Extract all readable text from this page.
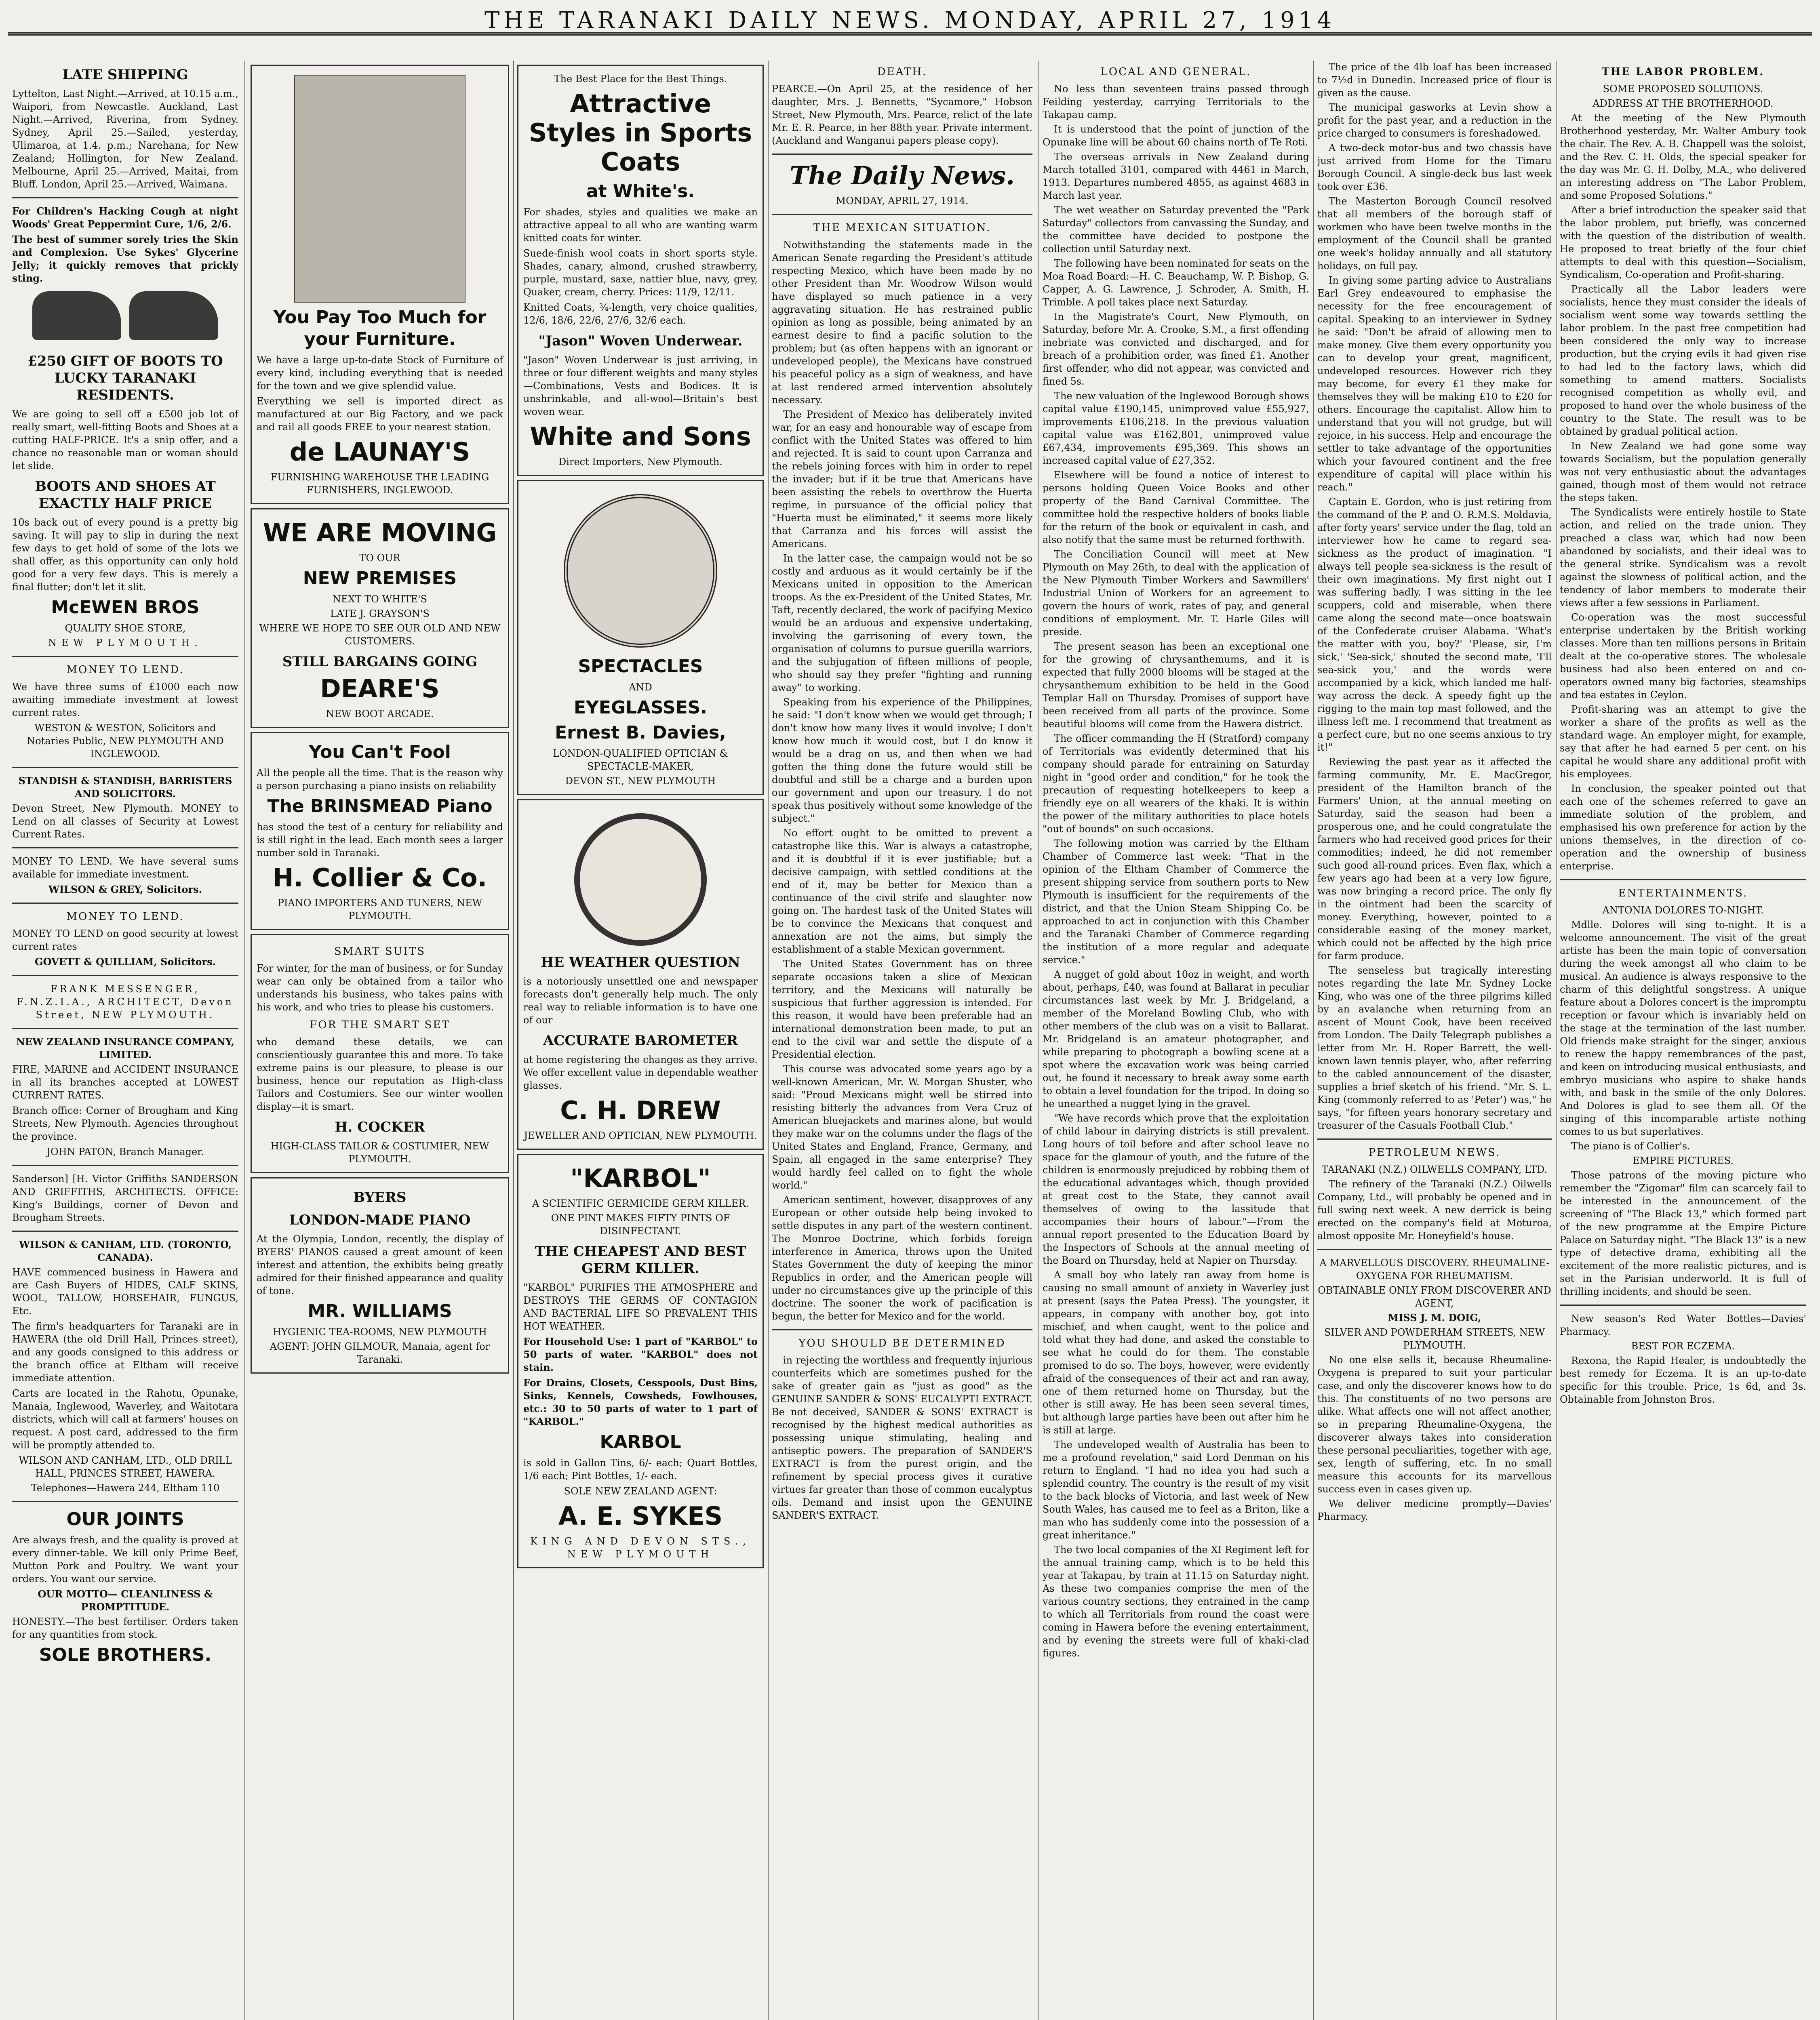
THE TARANAKI DAILY NEWS. MONDAY, APRIL 27, 1914
LATE SHIPPING

Lyttelton, Last Night.—Arrived, at 10.15 a.m., Waipori, from Newcastle. Auckland, Last Night.—Arrived, Riverina, from Sydney. Sydney, April 25.—Sailed, yesterday, Ulimaroa, at 1.4. p.m.; Narehana, for New Zealand; Hollington, for New Zealand. Melbourne, April 25.—Arrived, Maitai, from Bluff. London, April 25.—Arrived, Waimana.

For Children's Hacking Cough at night Woods' Great Peppermint Cure, 1/6, 2/6.

The best of summer sorely tries the Skin and Complexion. Use Sykes' Glycerine Jelly; it quickly removes that prickly sting.

£250 GIFT OF BOOTS TO LUCKY TARANAKI RESIDENTS.

We are going to sell off a £500 job lot of really smart, well-fitting Boots and Shoes at a cutting HALF-PRICE. It's a snip offer, and a chance no reasonable man or woman should let slide.

BOOTS AND SHOES AT EXACTLY HALF PRICE

10s back out of every pound is a pretty big saving. It will pay to slip in during the next few days to get hold of some of the lots we shall offer, as this opportunity can only hold good for a very few days. This is merely a final flutter; don't let it slit.

McEWEN BROS
QUALITY SHOE STORE,
NEW PLYMOUTH.
MONEY TO LEND.

We have three sums of £1000 each now awaiting immediate investment at lowest current rates.

WESTON & WESTON, Solicitors and Notaries Public, NEW PLYMOUTH AND INGLEWOOD.
STANDISH & STANDISH, BARRISTERS AND SOLICITORS.

Devon Street, New Plymouth. MONEY to Lend on all classes of Security at Lowest Current Rates.

MONEY TO LEND. We have several sums available for immediate investment.

WILSON & GREY, Solicitors.
MONEY TO LEND.

MONEY TO LEND on good security at lowest current rates

GOVETT & QUILLIAM, Solicitors.
FRANK MESSENGER, F.N.Z.I.A., ARCHITECT, Devon Street, NEW PLYMOUTH.
NEW ZEALAND INSURANCE COMPANY, LIMITED.

FIRE, MARINE and ACCIDENT INSURANCE in all its branches accepted at LOWEST CURRENT RATES.

Branch office: Corner of Brougham and King Streets, New Plymouth. Agencies throughout the province.

JOHN PATON, Branch Manager.

Sanderson] [H. Victor Griffiths SANDERSON AND GRIFFITHS, ARCHITECTS. OFFICE: King's Buildings, corner of Devon and Brougham Streets.

WILSON & CANHAM, LTD. (TORONTO, CANADA).

HAVE commenced business in Hawera and are Cash Buyers of HIDES, CALF SKINS, WOOL, TALLOW, HORSEHAIR, FUNGUS, Etc.

The firm's headquarters for Taranaki are in HAWERA (the old Drill Hall, Princes street), and any goods consigned to this address or the branch office at Eltham will receive immediate attention.

Carts are located in the Rahotu, Opunake, Manaia, Inglewood, Waverley, and Waitotara districts, which will call at farmers' houses on request. A post card, addressed to the firm will be promptly attended to.

WILSON AND CANHAM, LTD., OLD DRILL HALL, PRINCES STREET, HAWERA.
Telephones—Hawera 244, Eltham 110
OUR JOINTS

Are always fresh, and the quality is proved at every dinner-table. We kill only Prime Beef, Mutton Pork and Poultry. We want your orders. You want our service.

OUR MOTTO— CLEANLINESS & PROMPTITUDE.

HONESTY.—The best fertiliser. Orders taken for any quantities from stock.

SOLE BROTHERS.
You Pay Too Much for your Furniture.

We have a large up-to-date Stock of Furniture of every kind, including everything that is needed for the town and we give splendid value.

Everything we sell is imported direct as manufactured at our Big Factory, and we pack and rail all goods FREE to your nearest station.

de LAUNAY'S
FURNISHING WAREHOUSE THE LEADING FURNISHERS, INGLEWOOD.
WE ARE MOVING
TO OUR
NEW PREMISES
NEXT TO WHITE'S
LATE J. GRAYSON'S
WHERE WE HOPE TO SEE OUR OLD AND NEW CUSTOMERS.
STILL BARGAINS GOING
DEARE'S
NEW BOOT ARCADE.
You Can't Fool

All the people all the time. That is the reason why a person purchasing a piano insists on reliability

The BRINSMEAD Piano

has stood the test of a century for reliability and is still right in the lead. Each month sees a larger number sold in Taranaki.

H. Collier & Co.
PIANO IMPORTERS AND TUNERS, NEW PLYMOUTH.
SMART SUITS

For winter, for the man of business, or for Sunday wear can only be obtained from a tailor who understands his business, who takes pains with his work, and who tries to please his customers.

FOR THE SMART SET

who demand these details, we can conscientiously guarantee this and more. To take extreme pains is our pleasure, to please is our business, hence our reputation as High-class Tailors and Costumiers. See our winter woollen display—it is smart.

H. COCKER
HIGH-CLASS TAILOR & COSTUMIER, NEW PLYMOUTH.
BYERS
LONDON-MADE PIANO

At the Olympia, London, recently, the display of BYERS' PIANOS caused a great amount of keen interest and attention, the exhibits being greatly admired for their finished appearance and quality of tone.

MR. WILLIAMS
HYGIENIC TEA-ROOMS, NEW PLYMOUTH
AGENT: JOHN GILMOUR, Manaia, agent for Taranaki.
The Best Place for the Best Things.
Attractive Styles in Sports Coats
at White's.

For shades, styles and qualities we make an attractive appeal to all who are wanting warm knitted coats for winter.

Suede-finish wool coats in short sports style. Shades, canary, almond, crushed strawberry, purple, mustard, saxe, nattier blue, navy, grey, Quaker, cream, cherry. Prices: 11/9, 12/11.

Knitted Coats, ¾-length, very choice qualities, 12/6, 18/6, 22/6, 27/6, 32/6 each.

"Jason" Woven Underwear.

"Jason" Woven Underwear is just arriving, in three or four different weights and many styles—Combinations, Vests and Bodices. It is unshrinkable, and all-wool—Britain's best woven wear.

White and Sons
Direct Importers, New Plymouth.
SPECTACLES
AND
EYEGLASSES.
Ernest B. Davies,
LONDON-QUALIFIED OPTICIAN & SPECTACLE-MAKER,
DEVON ST., NEW PLYMOUTH
HE WEATHER QUESTION

is a notoriously unsettled one and newspaper forecasts don't generally help much. The only real way to reliable information is to have one of our

ACCURATE BAROMETER

at home registering the changes as they arrive. We offer excellent value in dependable weather glasses.

C. H. DREW
JEWELLER AND OPTICIAN, NEW PLYMOUTH.
"KARBOL"
A SCIENTIFIC GERMICIDE GERM KILLER.
ONE PINT MAKES FIFTY PINTS OF DISINFECTANT.
THE CHEAPEST AND BEST GERM KILLER.

"KARBOL" PURIFIES THE ATMOSPHERE and DESTROYS THE GERMS OF CONTAGION AND BACTERIAL LIFE SO PREVALENT THIS HOT WEATHER.

For Household Use: 1 part of "KARBOL" to 50 parts of water. "KARBOL" does not stain.

For Drains, Closets, Cesspools, Dust Bins, Sinks, Kennels, Cowsheds, Fowlhouses, etc.: 30 to 50 parts of water to 1 part of "KARBOL."

KARBOL

is sold in Gallon Tins, 6/- each; Quart Bottles, 1/6 each; Pint Bottles, 1/- each.

SOLE NEW ZEALAND AGENT:
A. E. SYKES
KING AND DEVON STS., NEW PLYMOUTH
DEATH.

PEARCE.—On April 25, at the residence of her daughter, Mrs. J. Bennetts, "Sycamore," Hobson Street, New Plymouth, Mrs. Pearce, relict of the late Mr. E. R. Pearce, in her 88th year. Private interment. (Auckland and Wanganui papers please copy).

The Daily News.
MONDAY, APRIL 27, 1914.
THE MEXICAN SITUATION.

Notwithstanding the statements made in the American Senate regarding the President's attitude respecting Mexico, which have been made by no other President than Mr. Woodrow Wilson would have displayed so much patience in a very aggravating situation. He has restrained public opinion as long as possible, being animated by an earnest desire to find a pacific solution to the problem; but (as often happens with an ignorant or undeveloped people), the Mexicans have construed his peaceful policy as a sign of weakness, and have at last rendered armed intervention absolutely necessary.

The President of Mexico has deliberately invited war, for an easy and honourable way of escape from conflict with the United States was offered to him and rejected. It is said to count upon Carranza and the rebels joining forces with him in order to repel the invader; but if it be true that Americans have been assisting the rebels to overthrow the Huerta regime, in pursuance of the official policy that "Huerta must be eliminated," it seems more likely that Carranza and his forces will assist the Americans.

In the latter case, the campaign would not be so costly and arduous as it would certainly be if the Mexicans united in opposition to the American troops. As the ex-President of the United States, Mr. Taft, recently declared, the work of pacifying Mexico would be an arduous and expensive undertaking, involving the garrisoning of every town, the organisation of columns to pursue guerilla warriors, and the subjugation of fifteen millions of people, who should say they prefer "fighting and running away" to working.

Speaking from his experience of the Philippines, he said: "I don't know when we would get through; I don't know how many lives it would involve; I don't know how much it would cost, but I do know it would be a drag on us, and then when we had gotten the thing done the future would still be doubtful and still be a charge and a burden upon our government and upon our treasury. I do not speak thus positively without some knowledge of the subject."

No effort ought to be omitted to prevent a catastrophe like this. War is always a catastrophe, and it is doubtful if it is ever justifiable; but a decisive campaign, with settled conditions at the end of it, may be better for Mexico than a continuance of the civil strife and slaughter now going on. The hardest task of the United States will be to convince the Mexicans that conquest and annexation are not the aims, but simply the establishment of a stable Mexican government.

The United States Government has on three separate occasions taken a slice of Mexican territory, and the Mexicans will naturally be suspicious that further aggression is intended. For this reason, it would have been preferable had an international demonstration been made, to put an end to the civil war and settle the dispute of a Presidential election.

This course was advocated some years ago by a well-known American, Mr. W. Morgan Shuster, who said: "Proud Mexicans might well be stirred into resisting bitterly the advances from Vera Cruz of American bluejackets and marines alone, but would they make war on the columns under the flags of the United States and England, France, Germany, and Spain, all engaged in the same enterprise? They would hardly feel called on to fight the whole world."

American sentiment, however, disapproves of any European or other outside help being invoked to settle disputes in any part of the western continent. The Monroe Doctrine, which forbids foreign interference in America, throws upon the United States Government the duty of keeping the minor Republics in order, and the American people will under no circumstances give up the principle of this doctrine. The sooner the work of pacification is begun, the better for Mexico and for the world.

YOU SHOULD BE DETERMINED

in rejecting the worthless and frequently injurious counterfeits which are sometimes pushed for the sake of greater gain as "just as good" as the GENUINE SANDER & SONS' EUCALYPTI EXTRACT. Be not deceived, SANDER & SONS' EXTRACT is recognised by the highest medical authorities as possessing unique stimulating, healing and antiseptic powers. The preparation of SANDER'S EXTRACT is from the purest origin, and the refinement by special process gives it curative virtues far greater than those of common eucalyptus oils. Demand and insist upon the GENUINE SANDER'S EXTRACT.

LOCAL AND GENERAL.

No less than seventeen trains passed through Feilding yesterday, carrying Territorials to the Takapau camp.

It is understood that the point of junction of the Opunake line will be about 60 chains north of Te Roti.

The overseas arrivals in New Zealand during March totalled 3101, compared with 4461 in March, 1913. Departures numbered 4855, as against 4683 in March last year.

The wet weather on Saturday prevented the "Park Saturday" collectors from canvassing the Sunday, and the committee have decided to postpone the collection until Saturday next.

The following have been nominated for seats on the Moa Road Board:—H. C. Beauchamp, W. P. Bishop, G. Capper, A. G. Lawrence, J. Schroder, A. Smith, H. Trimble. A poll takes place next Saturday.

In the Magistrate's Court, New Plymouth, on Saturday, before Mr. A. Crooke, S.M., a first offending inebriate was convicted and discharged, and for breach of a prohibition order, was fined £1. Another first offender, who did not appear, was convicted and fined 5s.

The new valuation of the Inglewood Borough shows capital value £190,145, unimproved value £55,927, improvements £106,218. In the previous valuation capital value was £162,801, unimproved value £67,434, improvements £95,369. This shows an increased capital value of £27,352.

Elsewhere will be found a notice of interest to persons holding Queen Voice Books and other property of the Band Carnival Committee. The committee hold the respective holders of books liable for the return of the book or equivalent in cash, and also notify that the same must be returned forthwith.

The Conciliation Council will meet at New Plymouth on May 26th, to deal with the application of the New Plymouth Timber Workers and Sawmillers' Industrial Union of Workers for an agreement to govern the hours of work, rates of pay, and general conditions of employment. Mr. T. Harle Giles will preside.

The present season has been an exceptional one for the growing of chrysanthemums, and it is expected that fully 2000 blooms will be staged at the chrysanthemum exhibition to be held in the Good Templar Hall on Thursday. Promises of support have been received from all parts of the province. Some beautiful blooms will come from the Hawera district.

The officer commanding the H (Stratford) company of Territorials was evidently determined that his company should parade for entraining on Saturday night in "good order and condition," for he took the precaution of requesting hotelkeepers to keep a friendly eye on all wearers of the khaki. It is within the power of the military authorities to place hotels "out of bounds" on such occasions.

The following motion was carried by the Eltham Chamber of Commerce last week: "That in the opinion of the Eltham Chamber of Commerce the present shipping service from southern ports to New Plymouth is insufficient for the requirements of the district, and that the Union Steam Shipping Co. be approached to act in conjunction with this Chamber and the Taranaki Chamber of Commerce regarding the institution of a more regular and adequate service."

A nugget of gold about 10oz in weight, and worth about, perhaps, £40, was found at Ballarat in peculiar circumstances last week by Mr. J. Bridgeland, a member of the Moreland Bowling Club, who with other members of the club was on a visit to Ballarat. Mr. Bridgeland is an amateur photographer, and while preparing to photograph a bowling scene at a spot where the excavation work was being carried out, he found it necessary to break away some earth to obtain a level foundation for the tripod. In doing so he unearthed a nugget lying in the gravel.

"We have records which prove that the exploitation of child labour in dairying districts is still prevalent. Long hours of toil before and after school leave no space for the glamour of youth, and the future of the children is enormously prejudiced by robbing them of the educational advantages which, though provided at great cost to the State, they cannot avail themselves of owing to the lassitude that accompanies their hours of labour."—From the annual report presented to the Education Board by the Inspectors of Schools at the annual meeting of the Board on Thursday, held at Napier on Thursday.

A small boy who lately ran away from home is causing no small amount of anxiety in Waverley just at present (says the Patea Press). The youngster, it appears, in company with another boy, got into mischief, and when caught, went to the police and told what they had done, and asked the constable to see what he could do for them. The constable promised to do so. The boys, however, were evidently afraid of the consequences of their act and ran away, one of them returned home on Thursday, but the other is still away. He has been seen several times, but although large parties have been out after him he is still at large.

The undeveloped wealth of Australia has been to me a profound revelation," said Lord Denman on his return to England. "I had no idea you had such a splendid country. The country is the result of my visit to the back blocks of Victoria, and last week of New South Wales, has caused me to feel as a Briton, like a man who has suddenly come into the possession of a great inheritance."

The two local companies of the XI Regiment left for the annual training camp, which is to be held this year at Takapau, by train at 11.15 on Saturday night. As these two companies comprise the men of the various country sections, they entrained in the camp to which all Territorials from round the coast were coming in Hawera before the evening entertainment, and by evening the streets were full of khaki-clad figures.

The price of the 4lb loaf has been increased to 7½d in Dunedin. Increased price of flour is given as the cause.

The municipal gasworks at Levin show a profit for the past year, and a reduction in the price charged to consumers is foreshadowed.

A two-deck motor-bus and two chassis have just arrived from Home for the Timaru Borough Council. A single-deck bus last week took over £36.

The Masterton Borough Council resolved that all members of the borough staff of workmen who have been twelve months in the employment of the Council shall be granted one week's holiday annually and all statutory holidays, on full pay.

In giving some parting advice to Australians Earl Grey endeavoured to emphasise the necessity for the free encouragement of capital. Speaking to an interviewer in Sydney he said: "Don't be afraid of allowing men to make money. Give them every opportunity you can to develop your great, magnificent, undeveloped resources. However rich they may become, for every £1 they make for themselves they will be making £10 to £20 for others. Encourage the capitalist. Allow him to understand that you will not grudge, but will rejoice, in his success. Help and encourage the settler to take advantage of the opportunities which your favoured continent and the free expenditure of capital will place within his reach."

Captain E. Gordon, who is just retiring from the command of the P. and O. R.M.S. Moldavia, after forty years' service under the flag, told an interviewer how he came to regard sea-sickness as the product of imagination. "I always tell people sea-sickness is the result of their own imaginations. My first night out I was suffering badly. I was sitting in the lee scuppers, cold and miserable, when there came along the second mate—once boatswain of the Confederate cruiser Alabama. 'What's the matter with you, boy?' 'Please, sir, I'm sick,' 'Sea-sick,' shouted the second mate, 'I'll sea-sick you,' and the words were accompanied by a kick, which landed me half-way across the deck. A speedy fight up the rigging to the main top mast followed, and the illness left me. I recommend that treatment as a perfect cure, but no one seems anxious to try it!"

Reviewing the past year as it affected the farming community, Mr. E. MacGregor, president of the Hamilton branch of the Farmers' Union, at the annual meeting on Saturday, said the season had been a prosperous one, and he could congratulate the farmers who had received good prices for their commodities; indeed, he did not remember such good all-round prices. Even flax, which a few years ago had been at a very low figure, was now bringing a record price. The only fly in the ointment had been the scarcity of money. Everything, however, pointed to a considerable easing of the money market, which could not be affected by the high price for farm produce.

The senseless but tragically interesting notes regarding the late Mr. Sydney Locke King, who was one of the three pilgrims killed by an avalanche when returning from an ascent of Mount Cook, have been received from London. The Daily Telegraph publishes a letter from Mr. H. Roper Barrett, the well-known lawn tennis player, who, after referring to the cabled announcement of the disaster, supplies a brief sketch of his friend. "Mr. S. L. King (commonly referred to as 'Peter') was," he says, "for fifteen years honorary secretary and treasurer of the Casuals Football Club."

PETROLEUM NEWS.
TARANAKI (N.Z.) OILWELLS COMPANY, LTD.

The refinery of the Taranaki (N.Z.) Oilwells Company, Ltd., will probably be opened and in full swing next week. A new derrick is being erected on the company's field at Moturoa, almost opposite Mr. Honeyfield's house.

A MARVELLOUS DISCOVERY. RHEUMALINE-OXYGENA FOR RHEUMATISM.
OBTAINABLE ONLY FROM DISCOVERER AND AGENT,
MISS J. M. DOIG,
SILVER AND POWDERHAM STREETS, NEW PLYMOUTH.

No one else sells it, because Rheumaline-Oxygena is prepared to suit your particular case, and only the discoverer knows how to do this. The constituents of no two persons are alike. What affects one will not affect another, so in preparing Rheumaline-Oxygena, the discoverer always takes into consideration these personal peculiarities, together with age, sex, length of suffering, etc. In no small measure this accounts for its marvellous success even in cases given up.

We deliver medicine promptly—Davies' Pharmacy.

THE LABOR PROBLEM.
SOME PROPOSED SOLUTIONS.
ADDRESS AT THE BROTHERHOOD.

At the meeting of the New Plymouth Brotherhood yesterday, Mr. Walter Ambury took the chair. The Rev. A. B. Chappell was the soloist, and the Rev. C. H. Olds, the special speaker for the day was Mr. G. H. Dolby, M.A., who delivered an interesting address on "The Labor Problem, and some Proposed Solutions."

After a brief introduction the speaker said that the labor problem, put briefly, was concerned with the question of the distribution of wealth. He proposed to treat briefly of the four chief attempts to deal with this question—Socialism, Syndicalism, Co-operation and Profit-sharing.

Practically all the Labor leaders were socialists, hence they must consider the ideals of socialism went some way towards settling the labor problem. In the past free competition had been considered the only way to increase production, but the crying evils it had given rise to had led to the factory laws, which did something to amend matters. Socialists recognised competition as wholly evil, and proposed to hand over the whole business of the country to the State. The result was to be obtained by gradual political action.

In New Zealand we had gone some way towards Socialism, but the population generally was not very enthusiastic about the advantages gained, though most of them would not retrace the steps taken.

The Syndicalists were entirely hostile to State action, and relied on the trade union. They preached a class war, which had now been abandoned by socialists, and their ideal was to the general strike. Syndicalism was a revolt against the slowness of political action, and the tendency of labor members to moderate their views after a few sessions in Parliament.

Co-operation was the most successful enterprise undertaken by the British working classes. More than ten millions persons in Britain dealt at the co-operative stores. The wholesale business had also been entered on and co-operators owned many big factories, steamships and tea estates in Ceylon.

Profit-sharing was an attempt to give the worker a share of the profits as well as the standard wage. An employer might, for example, say that after he had earned 5 per cent. on his capital he would share any additional profit with his employees.

In conclusion, the speaker pointed out that each one of the schemes referred to gave an immediate solution of the problem, and emphasised his own preference for action by the unions themselves, in the direction of co-operation and the ownership of business enterprise.

ENTERTAINMENTS.
ANTONIA DOLORES TO-NIGHT.

Mdlle. Dolores will sing to-night. It is a welcome announcement. The visit of the great artiste has been the main topic of conversation during the week amongst all who claim to be musical. An audience is always responsive to the charm of this delightful songstress. A unique feature about a Dolores concert is the impromptu reception or favour which is invariably held on the stage at the termination of the last number. Old friends make straight for the singer, anxious to renew the happy remembrances of the past, and keen on introducing musical enthusiasts, and embryo musicians who aspire to shake hands with, and bask in the smile of the only Dolores. And Dolores is glad to see them all. Of the singing of this incomparable artiste nothing comes to us but superlatives.

The piano is of Collier's.

EMPIRE PICTURES.

Those patrons of the moving picture who remember the "Zigomar" film can scarcely fail to be interested in the announcement of the screening of "The Black 13," which formed part of the new programme at the Empire Picture Palace on Saturday night. "The Black 13" is a new type of detective drama, exhibiting all the excitement of the more realistic pictures, and is set in the Parisian underworld. It is full of thrilling incidents, and should be seen.

New season's Red Water Bottles—Davies' Pharmacy.

BEST FOR ECZEMA.

Rexona, the Rapid Healer, is undoubtedly the best remedy for Eczema. It is an up-to-date specific for this trouble. Price, 1s 6d, and 3s. Obtainable from Johnston Bros.
